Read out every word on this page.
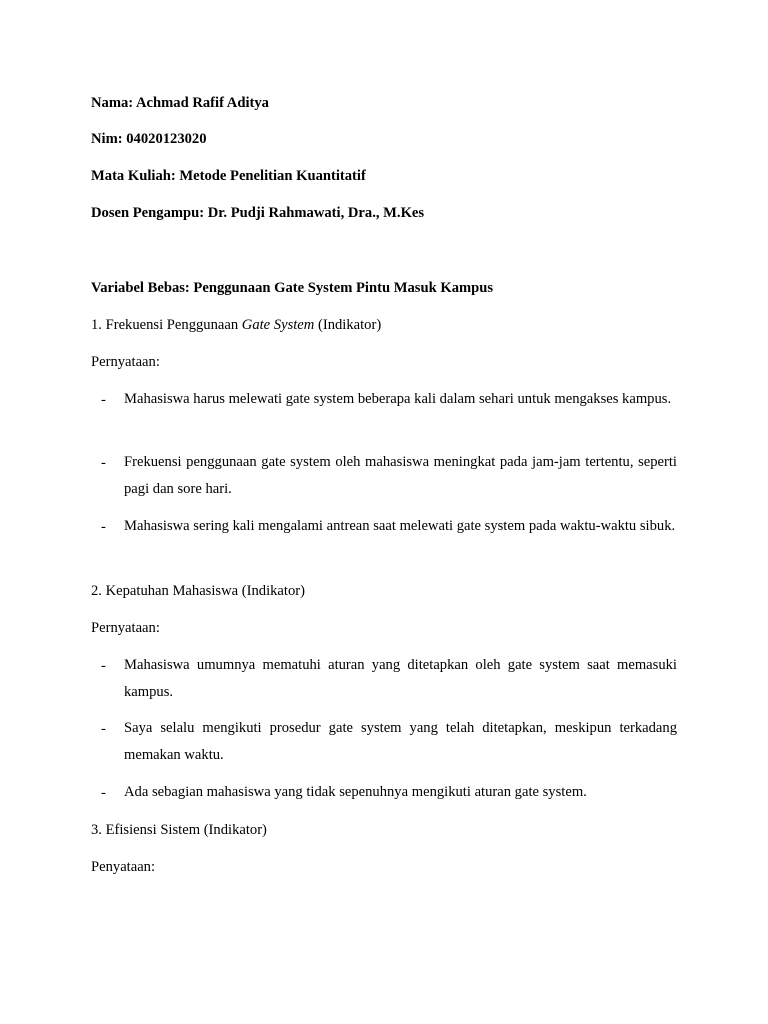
Nama: Achmad Rafif Aditya
Nim: 04020123020
Mata Kuliah: Metode Penelitian Kuantitatif
Dosen Pengampu: Dr. Pudji Rahmawati, Dra., M.Kes
Variabel Bebas: Penggunaan Gate System Pintu Masuk Kampus
1. Frekuensi Penggunaan Gate System (Indikator)
Pernyataan:
- Mahasiswa harus melewati gate system beberapa kali dalam sehari untuk mengakses kampus.
- Frekuensi penggunaan gate system oleh mahasiswa meningkat pada jam-jam tertentu, seperti pagi dan sore hari.
- Mahasiswa sering kali mengalami antrean saat melewati gate system pada waktu-waktu sibuk.
2. Kepatuhan Mahasiswa (Indikator)
Pernyataan:
- Mahasiswa umumnya mematuhi aturan yang ditetapkan oleh gate system saat memasuki kampus.
- Saya selalu mengikuti prosedur gate system yang telah ditetapkan, meskipun terkadang memakan waktu.
- Ada sebagian mahasiswa yang tidak sepenuhnya mengikuti aturan gate system.
3. Efisiensi Sistem (Indikator)
Penyataan:
